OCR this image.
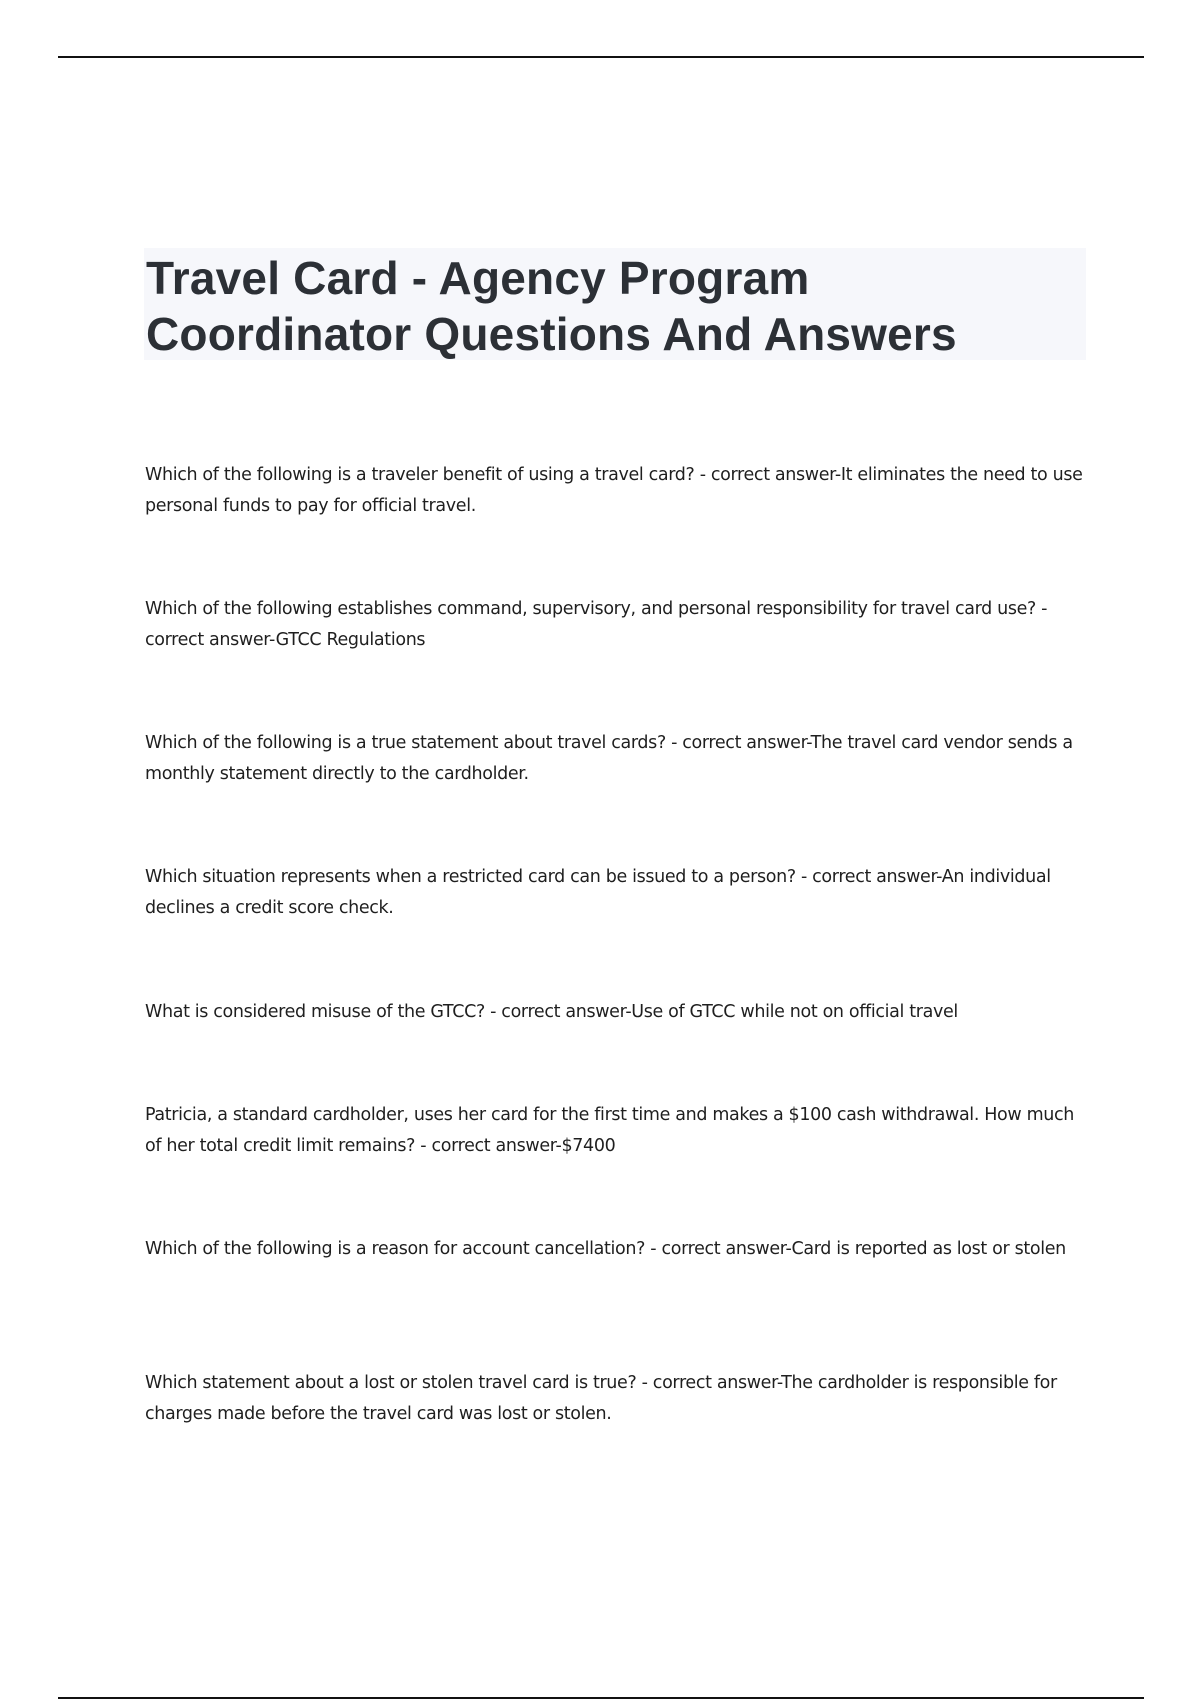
Travel Card - Agency Program Coordinator Questions And Answers

Which of the following is a traveler benefit of using a travel card? - correct answer-It eliminates the need to use personal funds to pay for official travel.

Which of the following establishes command, supervisory, and personal responsibility for travel card use? - correct answer-GTCC Regulations

Which of the following is a true statement about travel cards? - correct answer-The travel card vendor sends a monthly statement directly to the cardholder.

Which situation represents when a restricted card can be issued to a person? - correct answer-An individual declines a credit score check.

What is considered misuse of the GTCC? - correct answer-Use of GTCC while not on official travel

Patricia, a standard cardholder, uses her card for the first time and makes a $100 cash withdrawal. How much of her total credit limit remains? - correct answer-$7400

Which of the following is a reason for account cancellation? - correct answer-Card is reported as lost or stolen

Which statement about a lost or stolen travel card is true? - correct answer-The cardholder is responsible for charges made before the travel card was lost or stolen.
